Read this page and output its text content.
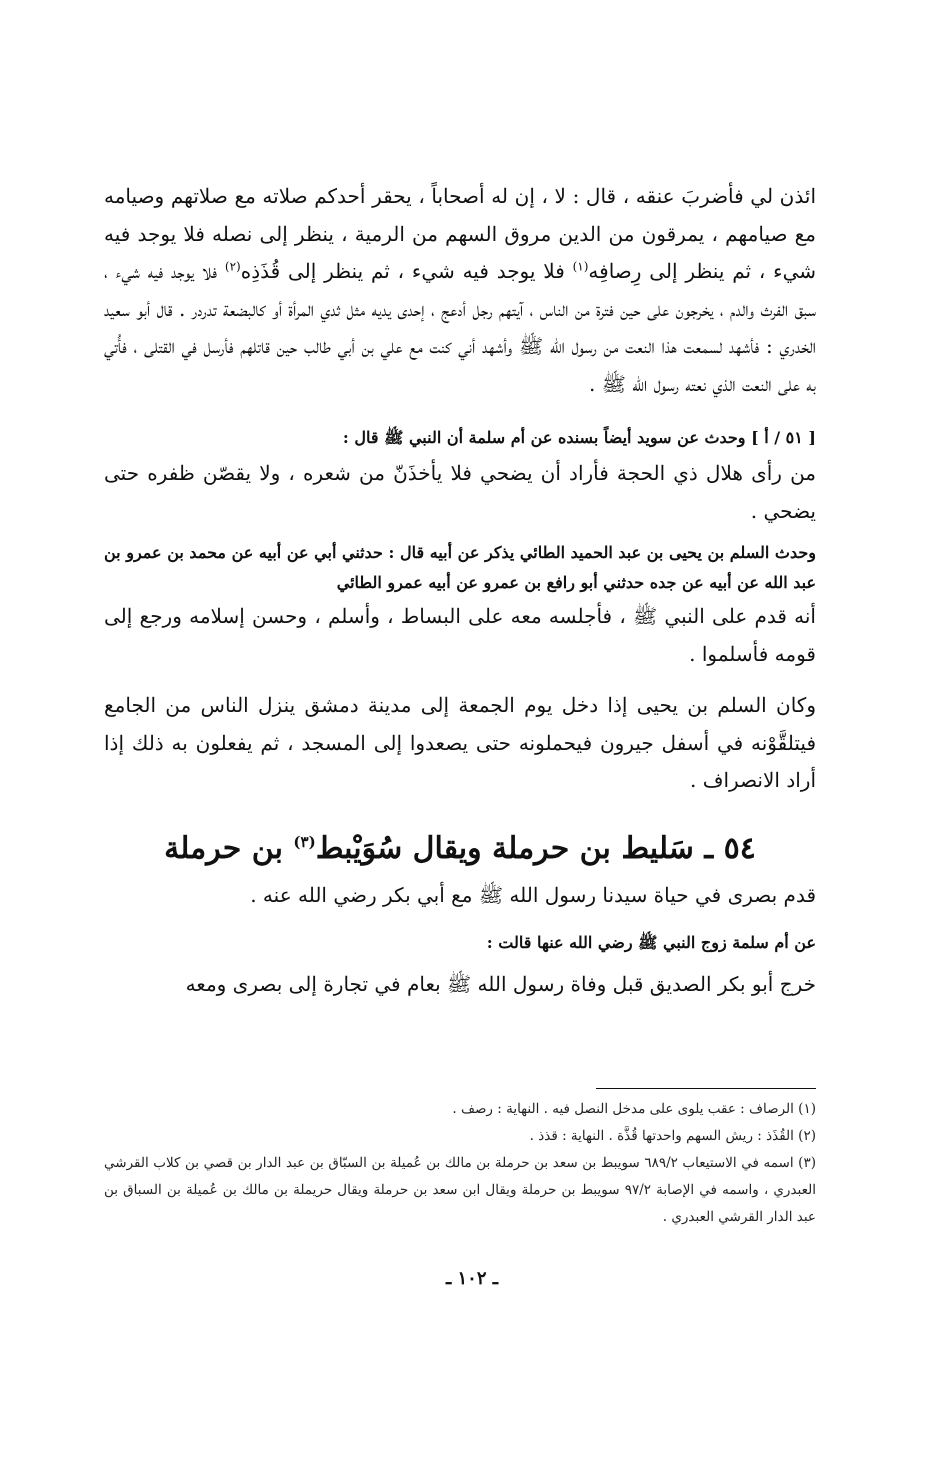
ائذن لي فأضربَ عنقه ، قال : لا ، إن له أصحاباً ، يحقر أحدكم صلاته مع صلاتهم وصيامه مع صيامهم ، يمرقون من الدين مروق السهم من الرمية ، ينظر إلى نصله فلا يوجد فيه شيء ، ثم ينظر إلى رِصافِه$^{(١)}$ فلا يوجد فيه شيء ، ثم ينظر إلى قُذَذِه$^{(٢)}$ فلا يوجد فيه شيء ، سبق الفرث والدم ، يخرجون على حين فترة من الناس ، آيتهم رجل أدعج ، إحدى يديه مثل ثدي المرأة أو كالبضعة تدردر . قال أبو سعيد الخدري : فأشهد لسمعت هذا النعت من رسول الله ﷺ وأشهد أني كنت مع علي بن أبي طالب حين قاتلهم فأرسل في القتلى ، فأُتي به على النعت الذي نعته رسول الله ﷺ .

[ ٥١ / أ ] وحدث عن سويد أيضاً بسنده عن أم سلمة أن النبي ﷺ قال :

من رأى هلال ذي الحجة فأراد أن يضحي فلا يأخذَنّ من شعره ، ولا يقصّن ظفره حتى يضحي .

وحدث السلم بن يحيى بن عبد الحميد الطائي يذكر عن أبيه قال : حدثني أبي عن أبيه عن محمد بن عمرو بن عبد الله عن أبيه عن جده حدثني أبو رافع بن عمرو عن أبيه عمرو الطائي

أنه قدم على النبي ﷺ ، فأجلسه معه على البساط ، وأسلم ، وحسن إسلامه ورجع إلى قومه فأسلموا .

وكان السلم بن يحيى إذا دخل يوم الجمعة إلى مدينة دمشق ينزل الناس من الجامع فيتلقَّوْنه في أسفل جيرون فيحملونه حتى يصعدوا إلى المسجد ، ثم يفعلون به ذلك إذا أراد الانصراف .

٥٤ ـ سَليط بن حرملة ويقال سُوَيْبط$^{(٣)}$ بن حرملة

قدم بصرى في حياة سيدنا رسول الله ﷺ مع أبي بكر رضي الله عنه .

عن أم سلمة زوج النبي ﷺ رضي الله عنها قالت :

خرج أبو بكر الصديق قبل وفاة رسول الله ﷺ بعام في تجارة إلى بصرى ومعه

(١) الرصاف : عقب يلوى على مدخل النصل فيه . النهاية : رصف .

(٢) القُذَذ : ريش السهم واحدتها قُذَّة . النهاية : قذذ .

(٣) اسمه في الاستيعاب ٦٨٩/٢ سويبط بن سعد بن حرملة بن مالك بن عُميلة بن السبّاق بن عبد الدار بن قصي بن كلاب القرشي العبدري ، واسمه في الإصابة ٩٧/٢ سويبط بن حرملة ويقال ابن سعد بن حرملة ويقال حريملة بن مالك بن عُميلة بن السباق بن عبد الدار القرشي العبدري .

ـ ١٠٢ ـ
